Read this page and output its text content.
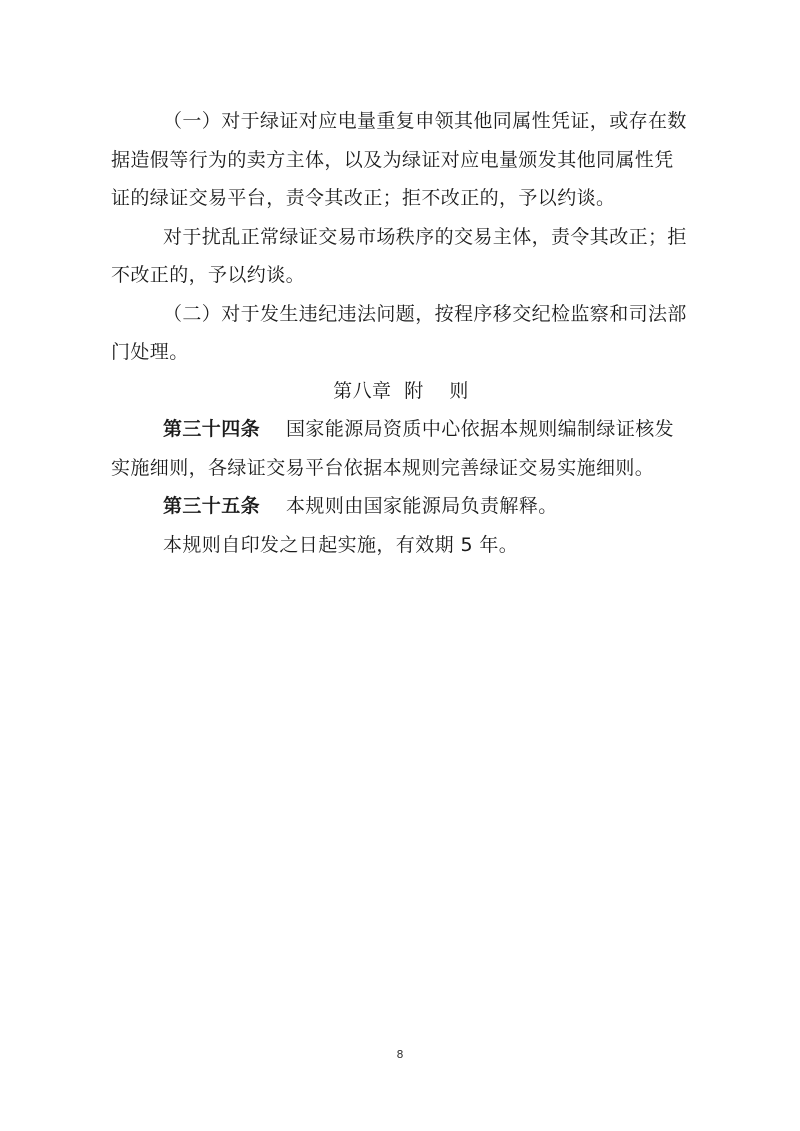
（一）对于绿证对应电量重复申领其他同属性凭证，或存在数据造假等行为的卖方主体，以及为绿证对应电量颁发其他同属性凭证的绿证交易平台，责令其改正；拒不改正的，予以约谈。

对于扰乱正常绿证交易市场秩序的交易主体，责令其改正；拒不改正的，予以约谈。

（二）对于发生违纪违法问题，按程序移交纪检监察和司法部门处理。

第八章  附    则

第三十四条 国家能源局资质中心依据本规则编制绿证核发实施细则，各绿证交易平台依据本规则完善绿证交易实施细则。

第三十五条 本规则由国家能源局负责解释。

本规则自印发之日起实施，有效期 5 年。

8
